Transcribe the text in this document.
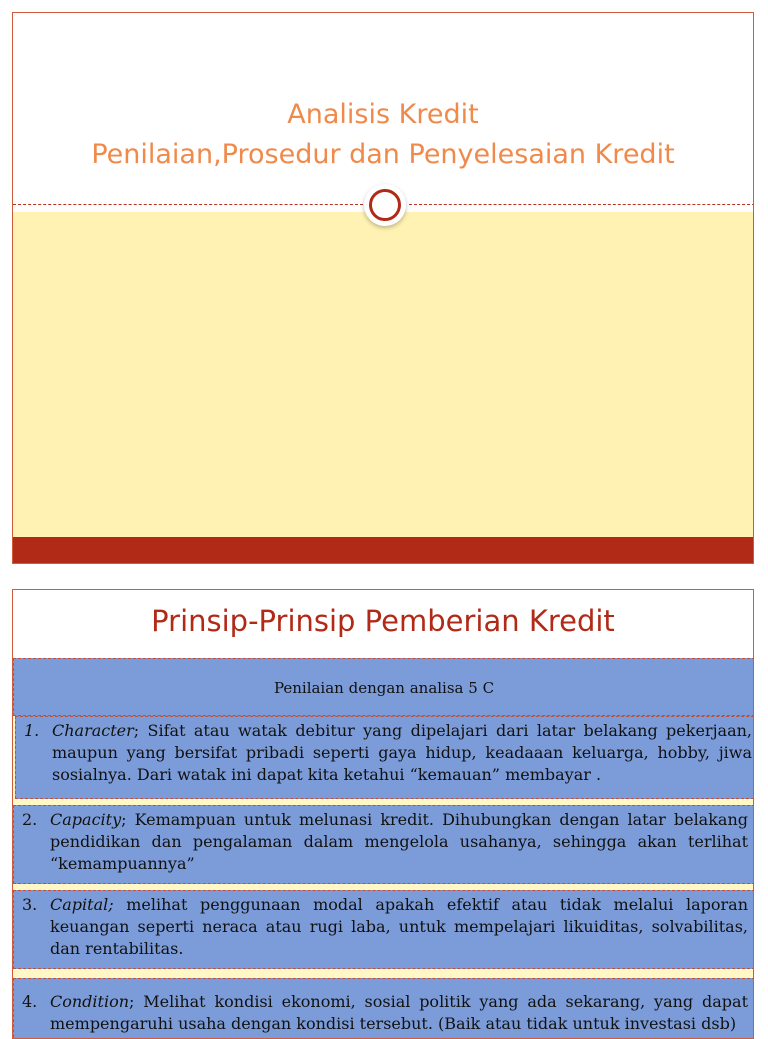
Analisis Kredit
Penilaian,Prosedur dan Penyelesaian Kredit
Prinsip-Prinsip Pemberian Kredit
Penilaian dengan analisa 5 C
1. Character; Sifat atau watak debitur yang dipelajari dari latar belakang pekerjaan, maupun yang bersifat pribadi seperti gaya hidup, keadaaan keluarga, hobby, jiwa sosialnya. Dari watak ini dapat kita ketahui “kemauan” membayar .
2. Capacity; Kemampuan untuk melunasi kredit. Dihubungkan dengan latar belakang pendidikan dan pengalaman dalam mengelola usahanya, sehingga akan terlihat “kemampuannya”
3. Capital; melihat penggunaan modal apakah efektif atau tidak melalui laporan keuangan seperti neraca atau rugi laba, untuk mempelajari likuiditas, solvabilitas, dan rentabilitas.
4. Condition; Melihat kondisi ekonomi, sosial politik yang ada sekarang, yang dapat mempengaruhi usaha dengan kondisi tersebut. (Baik atau tidak untuk investasi dsb)
